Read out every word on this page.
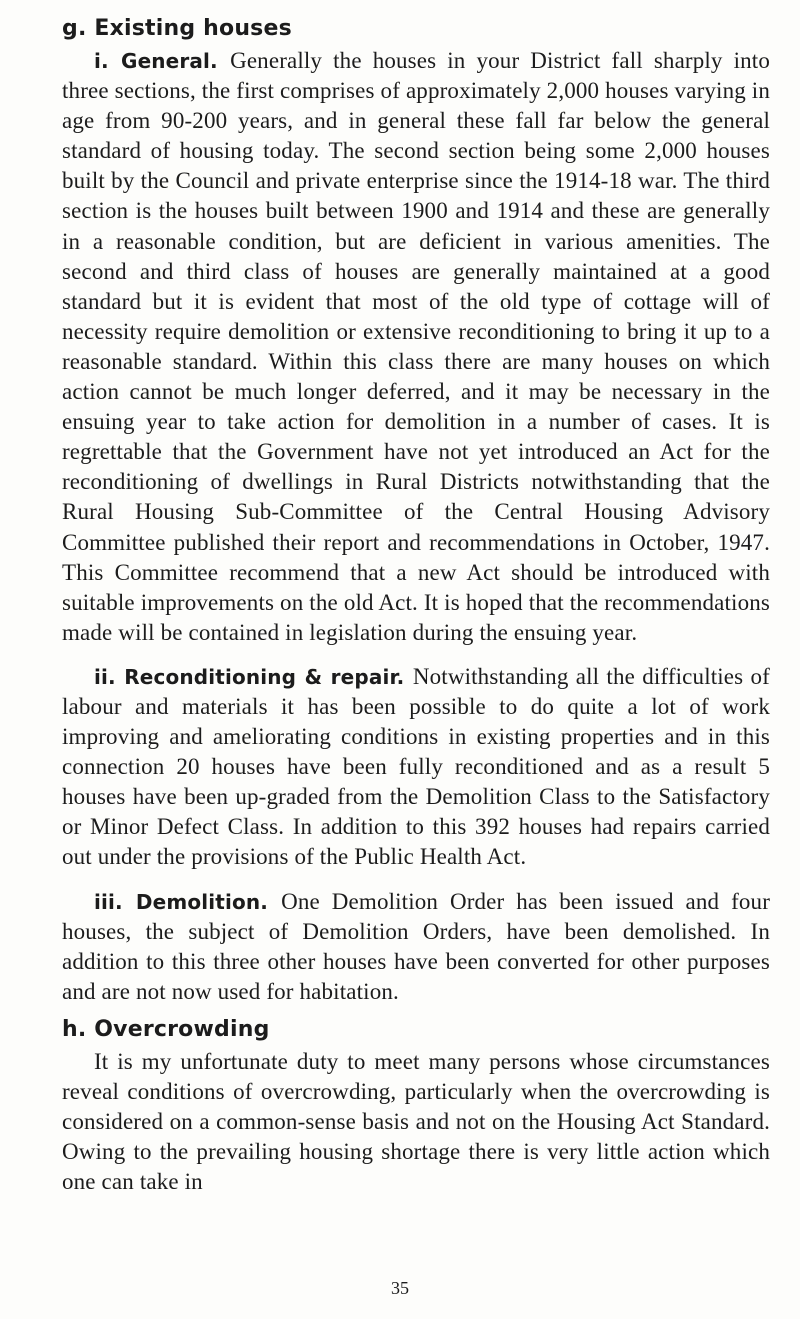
g. Existing houses

i. General. Generally the houses in your District fall sharply into three sections, the first comprises of approximately 2,000 houses varying in age from 90-200 years, and in general these fall far below the general standard of housing today. The second section being some 2,000 houses built by the Council and private enterprise since the 1914-18 war. The third section is the houses built between 1900 and 1914 and these are generally in a reasonable condition, but are deficient in various amenities. The second and third class of houses are generally maintained at a good standard but it is evident that most of the old type of cottage will of necessity require demolition or extensive reconditioning to bring it up to a reasonable standard. Within this class there are many houses on which action cannot be much longer deferred, and it may be necessary in the ensuing year to take action for demolition in a number of cases. It is regrettable that the Government have not yet introduced an Act for the reconditioning of dwellings in Rural Districts notwithstanding that the Rural Housing Sub-Committee of the Central Housing Advisory Committee published their report and recommendations in October, 1947. This Committee recommend that a new Act should be introduced with suitable improvements on the old Act. It is hoped that the recommendations made will be contained in legislation during the ensuing year.

ii. Reconditioning & repair. Notwithstanding all the difficulties of labour and materials it has been possible to do quite a lot of work improving and ameliorating conditions in existing properties and in this connection 20 houses have been fully reconditioned and as a result 5 houses have been up-graded from the Demolition Class to the Satisfactory or Minor Defect Class. In addition to this 392 houses had repairs carried out under the provisions of the Public Health Act.

iii. Demolition. One Demolition Order has been issued and four houses, the subject of Demolition Orders, have been demolished. In addition to this three other houses have been converted for other purposes and are not now used for habitation.

h. Overcrowding

It is my unfortunate duty to meet many persons whose circumstances reveal conditions of overcrowding, particularly when the overcrowding is considered on a common-sense basis and not on the Housing Act Standard. Owing to the prevailing housing shortage there is very little action which one can take in

35
